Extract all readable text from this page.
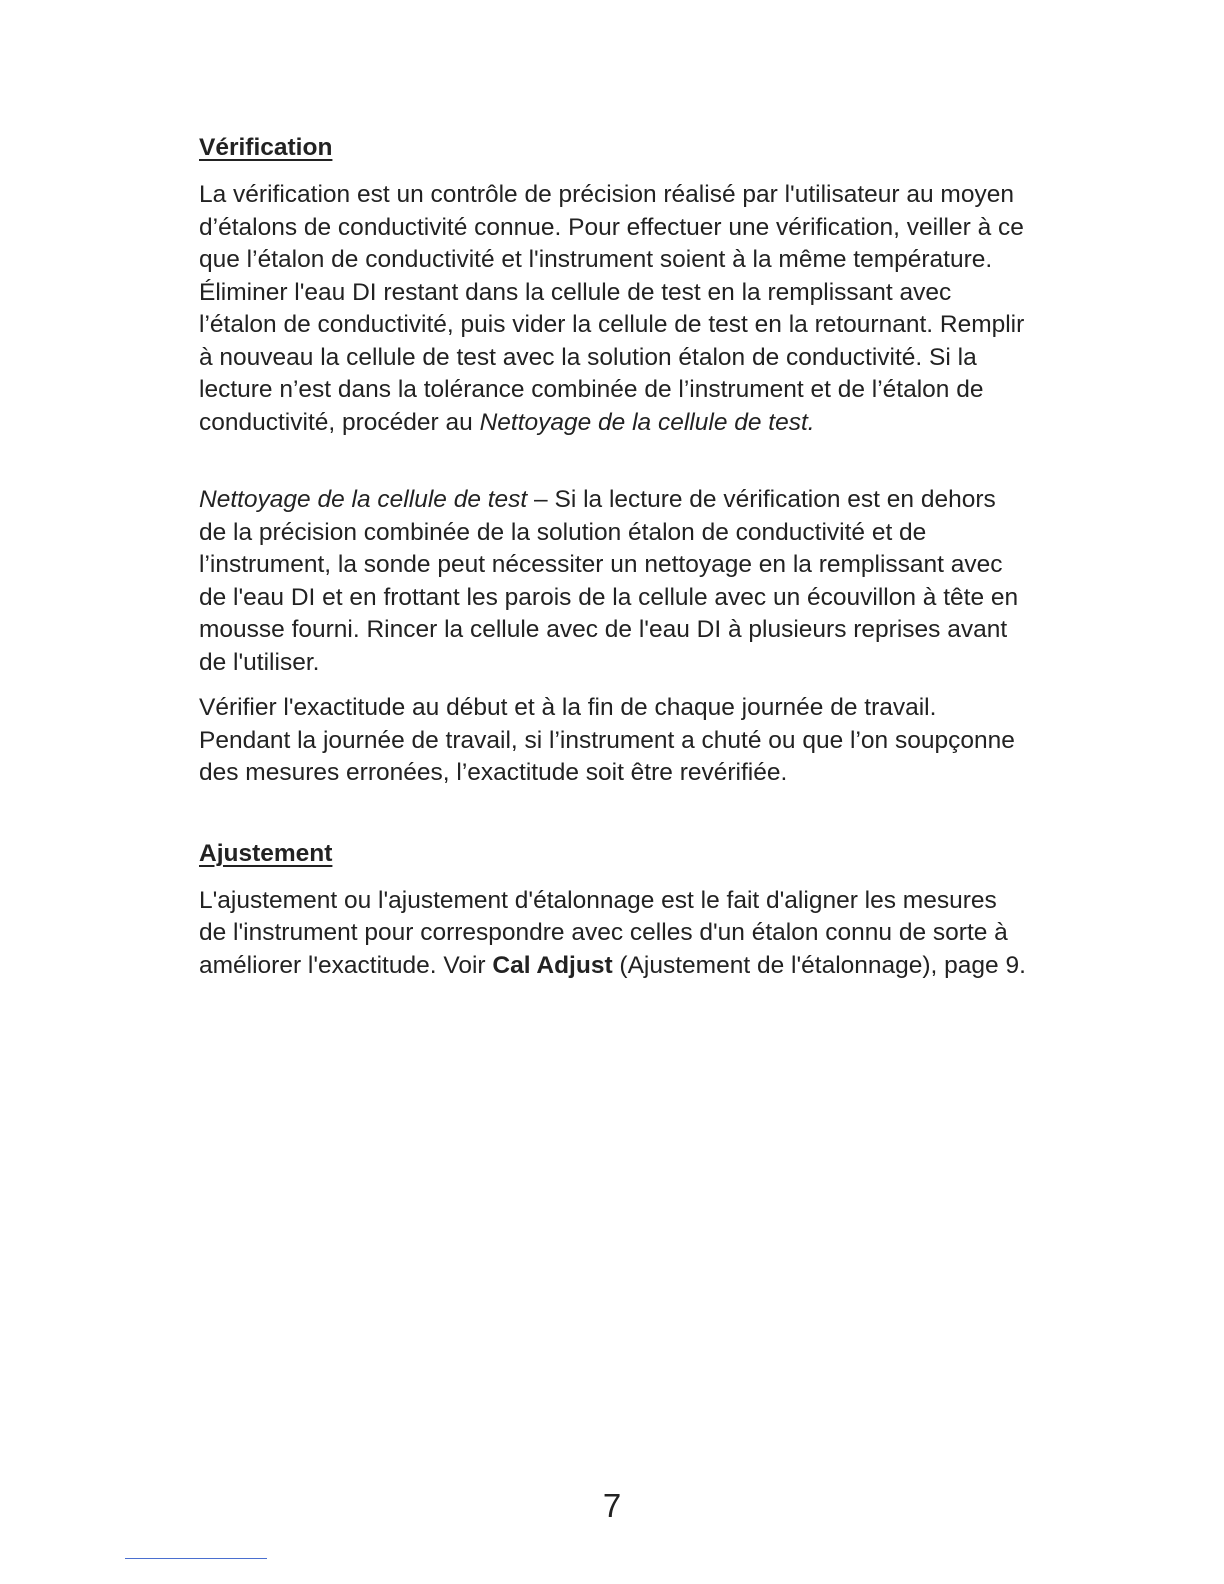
Vérification

La vérification est un contrôle de précision réalisé par l'utilisateur au moyen d’étalons de conductivité connue. Pour effectuer une vérification, veiller à ce que l’étalon de conductivité et l'instrument soient à la même température. Éliminer l'eau DI restant dans la cellule de test en la remplissant avec l’étalon de conductivité, puis vider la cellule de test en la retournant. Remplir à nouveau la cellule de test avec la solution étalon de conductivité. Si la lecture n’est dans la tolérance combinée de l’instrument et de l’étalon de conductivité, procéder au Nettoyage de la cellule de test.

Nettoyage de la cellule de test – Si la lecture de vérification est en dehors de la précision combinée de la solution étalon de conductivité et de l’instrument, la sonde peut nécessiter un nettoyage en la remplissant avec de l'eau DI et en frottant les parois de la cellule avec un écouvillon à tête en mousse fourni. Rincer la cellule avec de l'eau DI à plusieurs reprises avant de l'utiliser.

Vérifier l'exactitude au début et à la fin de chaque journée de travail. Pendant la journée de travail, si l’instrument a chuté ou que l’on soupçonne des mesures erronées, l’exactitude soit être revérifiée.

Ajustement

L'ajustement ou l'ajustement d'étalonnage est le fait d'aligner les mesures de l'instrument pour correspondre avec celles d'un étalon connu de sorte à améliorer l'exactitude. Voir Cal Adjust (Ajustement de l'étalonnage), page 9.

7
